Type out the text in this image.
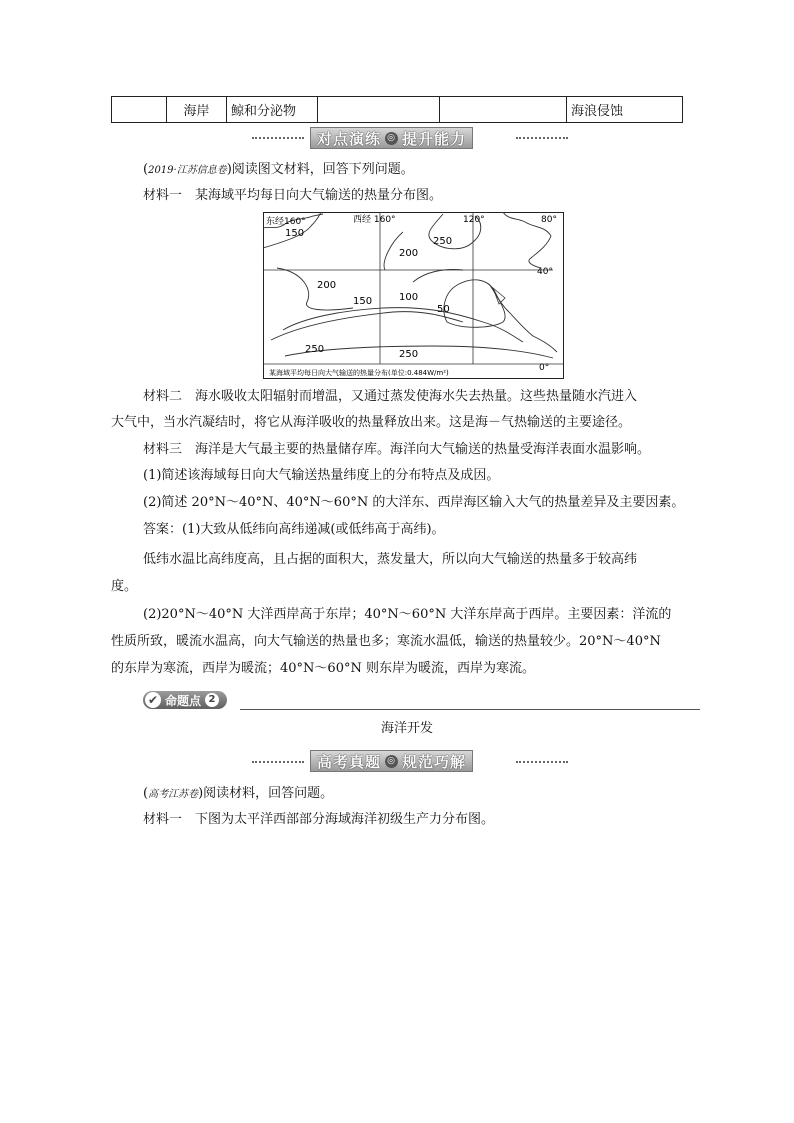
	海岸	鲸和分泌物			海浪侵蚀
对点演练 ◎ 提升能力
(2019·江苏信息卷)阅读图文材料，回答下列问题。
材料一　某海域平均每日向大气输送的热量分布图。
东经160°	西经 160°	120°	80°
40°
0°
150
200
250
200
150	100
50
250	250
某海域平均每日向大气输送的热量分布(单位:0.484W/m²)
材料二　海水吸收太阳辐射而增温，又通过蒸发使海水失去热量。这些热量随水汽进入
大气中，当水汽凝结时，将它从海洋吸收的热量释放出来。这是海－气热输送的主要途径。
材料三　海洋是大气最主要的热量储存库。海洋向大气输送的热量受海洋表面水温影响。
(1)简述该海域每日向大气输送热量纬度上的分布特点及成因。
(2)简述 20°N～40°N、40°N～60°N 的大洋东、西岸海区输入大气的热量差异及主要因素。
答案：(1)大致从低纬向高纬递减(或低纬高于高纬)。
低纬水温比高纬度高，且占据的面积大，蒸发量大，所以向大气输送的热量多于较高纬
度。
(2)20°N～40°N 大洋西岸高于东岸；40°N～60°N 大洋东岸高于西岸。主要因素：洋流的
性质所致，暖流水温高，向大气输送的热量也多；寒流水温低，输送的热量较少。20°N～40°N
的东岸为寒流，西岸为暖流；40°N～60°N 则东岸为暖流，西岸为寒流。
✔ 命题点 2
海洋开发
高考真题 ◎ 规范巧解
(高考江苏卷)阅读材料，回答问题。
材料一　下图为太平洋西部部分海域海洋初级生产力分布图。
